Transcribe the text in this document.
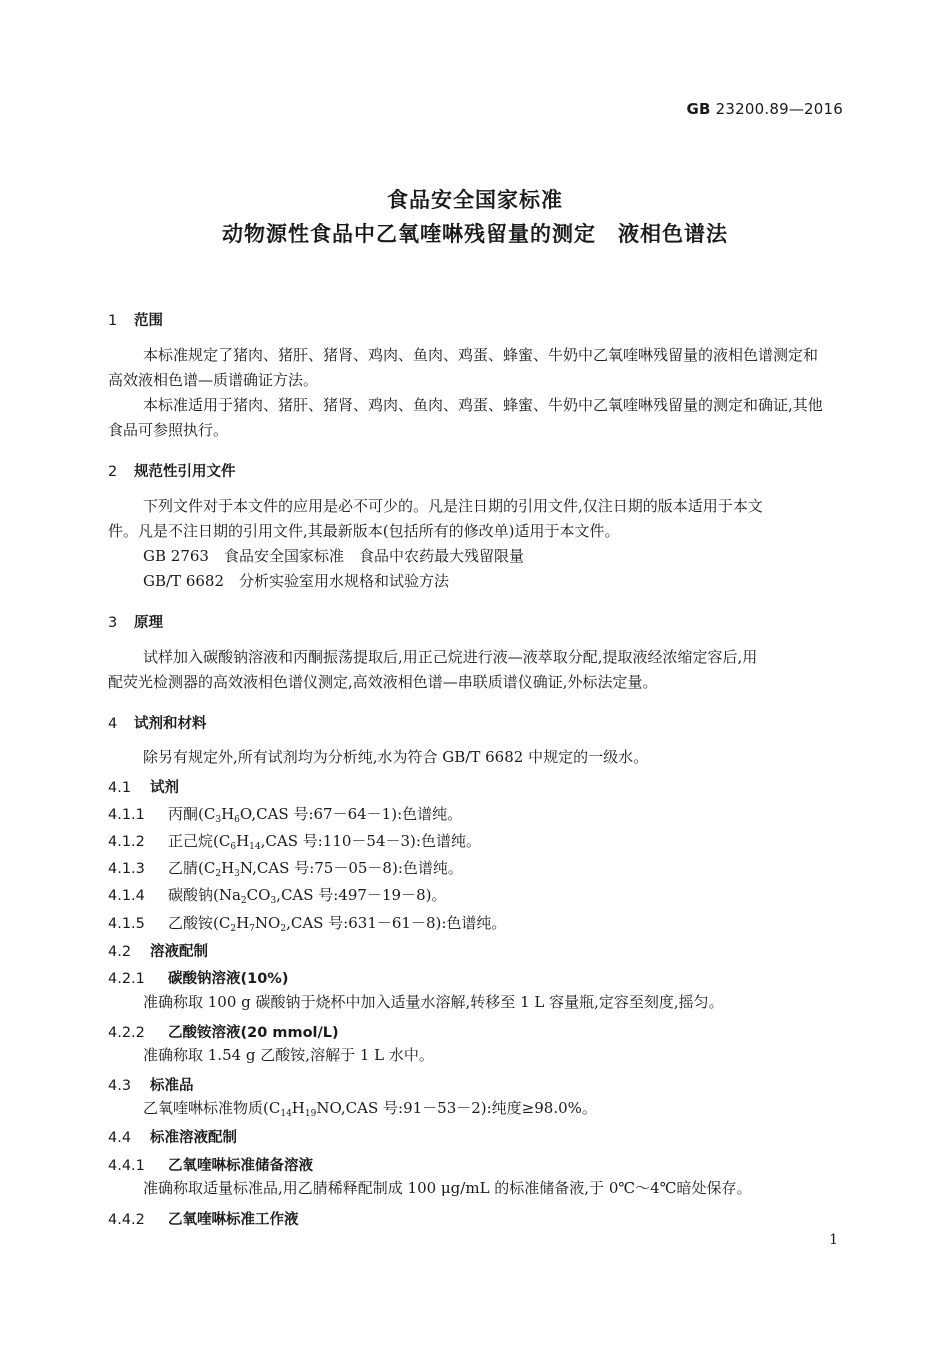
GB 23200.89—2016
食品安全国家标准
动物源性食品中乙氧喹啉残留量的测定　液相色谱法
1 范围
本标准规定了猪肉、猪肝、猪肾、鸡肉、鱼肉、鸡蛋、蜂蜜、牛奶中乙氧喹啉残留量的液相色谱测定和
高效液相色谱—质谱确证方法。
本标准适用于猪肉、猪肝、猪肾、鸡肉、鱼肉、鸡蛋、蜂蜜、牛奶中乙氧喹啉残留量的测定和确证,其他
食品可参照执行。
2 规范性引用文件
下列文件对于本文件的应用是必不可少的。凡是注日期的引用文件,仅注日期的版本适用于本文
件。凡是不注日期的引用文件,其最新版本(包括所有的修改单)适用于本文件。
GB 2763　食品安全国家标准　食品中农药最大残留限量
GB/T 6682　分析实验室用水规格和试验方法
3 原理
试样加入碳酸钠溶液和丙酮振荡提取后,用正己烷进行液—液萃取分配,提取液经浓缩定容后,用
配荧光检测器的高效液相色谱仪测定,高效液相色谱—串联质谱仪确证,外标法定量。
4 试剂和材料
除另有规定外,所有试剂均为分析纯,水为符合 GB/T 6682 中规定的一级水。
4.1 试剂
4.1.1 丙酮($C_3H_6O,CAS$ 号:67－64－1):色谱纯。
4.1.2 正己烷($C_6H_{14},CAS$ 号:110－54－3):色谱纯。
4.1.3 乙腈($C_2H_3N,CAS$ 号:75－05－8):色谱纯。
4.1.4 碳酸钠($Na_2CO_3,CAS$ 号:497－19－8)。
4.1.5 乙酸铵($C_2H_7NO_2,CAS$ 号:631－61－8):色谱纯。
4.2 溶液配制
4.2.1 碳酸钠溶液(10%)
准确称取 100 g 碳酸钠于烧杯中加入适量水溶解,转移至 1 L 容量瓶,定容至刻度,摇匀。
4.2.2 乙酸铵溶液(20 mmol/L)
准确称取 1.54 g 乙酸铵,溶解于 1 L 水中。
4.3 标准品
乙氧喹啉标准物质($C_{14}H_{19}NO,CAS$ 号:91－53－2):纯度≥98.0%。
4.4 标准溶液配制
4.4.1 乙氧喹啉标准储备溶液
准确称取适量标准品,用乙腈稀释配制成 100 μg/mL 的标准储备液,于 0℃～4℃暗处保存。
4.4.2 乙氧喹啉标准工作液
1
